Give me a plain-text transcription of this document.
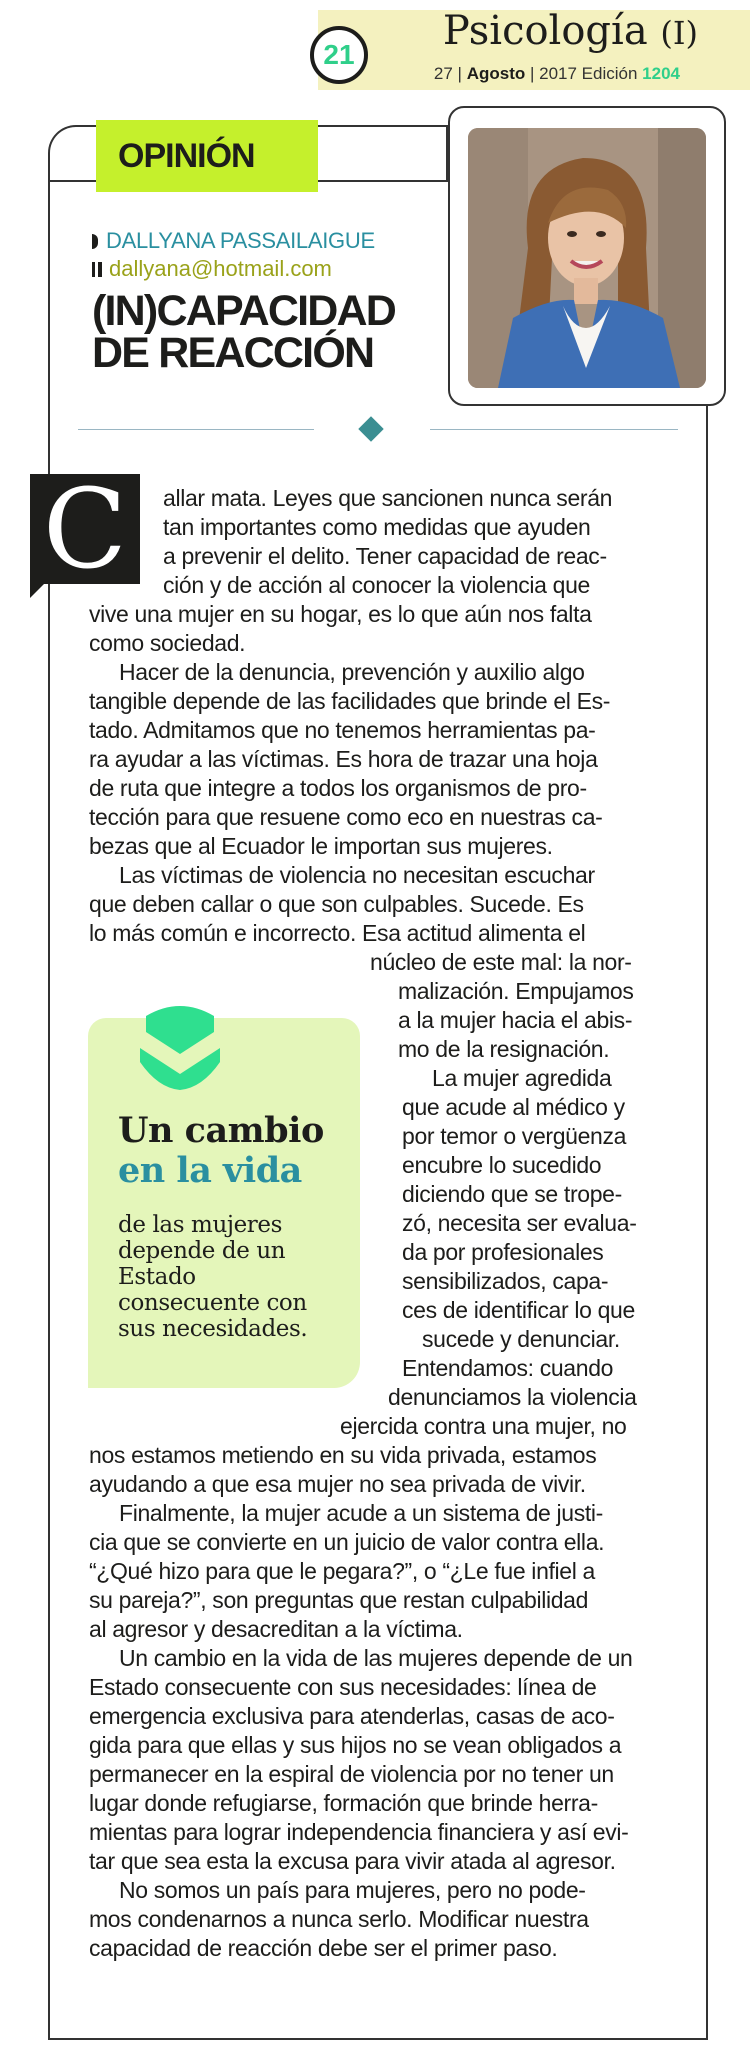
21
Psicología (I)
27 | Agosto | 2017 Edición 1204
OPINIÓN
DALLYANA PASSAILAIGUE
dallyana@hotmail.com
(IN)CAPACIDAD
DE REACCIÓN
C	allar mata. Leyes que sancionen nunca serán
tan importantes como medidas que ayuden
a prevenir el delito. Tener capacidad de reac-
ción y de acción al conocer la violencia que
vive una mujer en su hogar, es lo que aún nos falta
como sociedad.
Hacer de la denuncia, prevención y auxilio algo
tangible depende de las facilidades que brinde el Es-
tado. Admitamos que no tenemos herramientas pa-
ra ayudar a las víctimas. Es hora de trazar una hoja
de ruta que integre a todos los organismos de pro-
tección para que resuene como eco en nuestras ca-
bezas que al Ecuador le importan sus mujeres.
Las víctimas de violencia no necesitan escuchar
que deben callar o que son culpables. Sucede. Es
lo más común e incorrecto. Esa actitud alimenta el
núcleo de este mal: la nor-
malización. Empujamos
a la mujer hacia el abis-
mo de la resignación.
La mujer agredida
que acude al médico y
por temor o vergüenza
encubre lo sucedido
diciendo que se trope-
zó, necesita ser evalua-
da por profesionales
sensibilizados, capa-
ces de identificar lo que
sucede y denunciar.
Entendamos: cuando
denunciamos la violencia
ejercida contra una mujer, no
nos estamos metiendo en su vida privada, estamos
ayudando a que esa mujer no sea privada de vivir.
Finalmente, la mujer acude a un sistema de justi-
cia que se convierte en un juicio de valor contra ella.
“¿Qué hizo para que le pegara?”, o “¿Le fue infiel a
su pareja?”, son preguntas que restan culpabilidad
al agresor y desacreditan a la víctima.
Un cambio en la vida de las mujeres depende de un
Estado consecuente con sus necesidades: línea de
emergencia exclusiva para atenderlas, casas de aco-
gida para que ellas y sus hijos no se vean obligados a
permanecer en la espiral de violencia por no tener un
lugar donde refugiarse, formación que brinde herra-
mientas para lograr independencia financiera y así evi-
tar que sea esta la excusa para vivir atada al agresor.
No somos un país para mujeres, pero no pode-
mos condenarnos a nunca serlo. Modificar nuestra
capacidad de reacción debe ser el primer paso.
Un cambio
en la vida
de las mujeres
depende de un
Estado
consecuente con
sus necesidades.
